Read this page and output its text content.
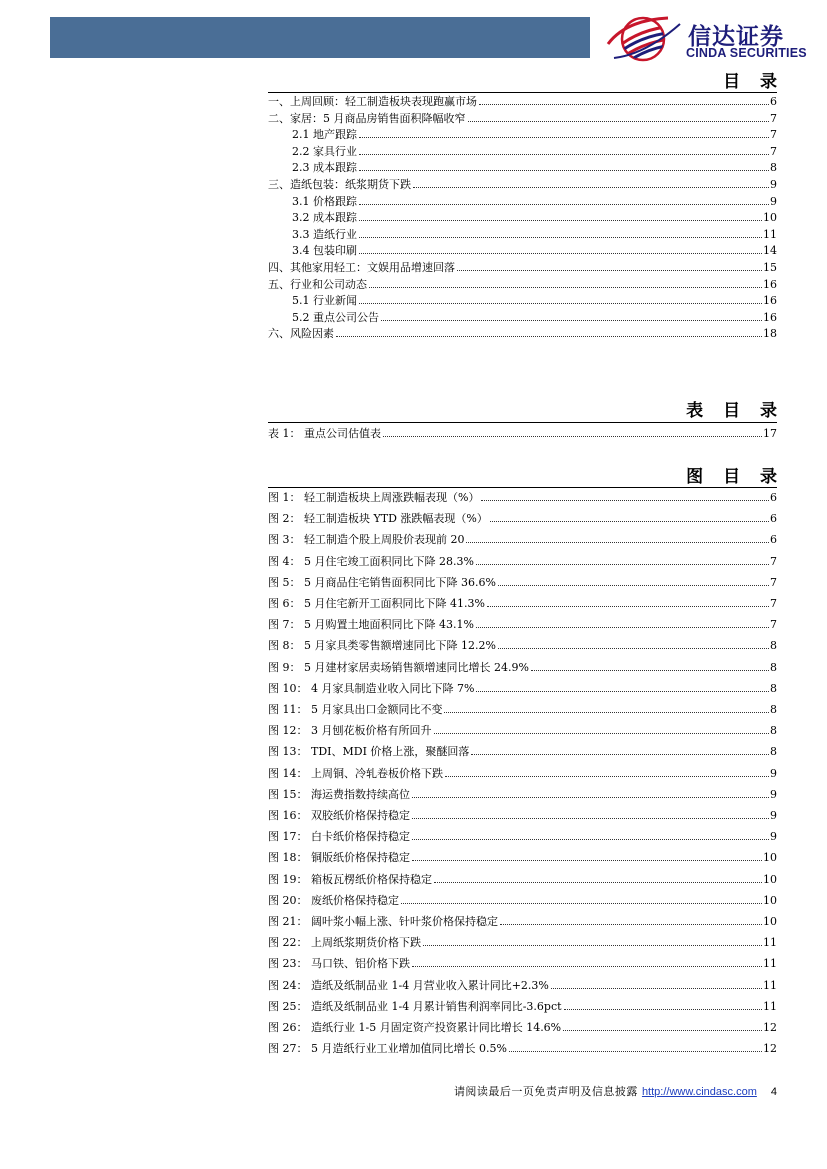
信达证券
CINDA SECURITIES
目 录
一、上周回顾：轻工制造板块表现跑赢市场	6
二、家居：5 月商品房销售面积降幅收窄	7
2.1 地产跟踪	7
2.2 家具行业	7
2.3 成本跟踪	8
三、造纸包装：纸浆期货下跌	9
3.1 价格跟踪	9
3.2 成本跟踪	10
3.3 造纸行业	11
3.4 包装印刷	14
四、其他家用轻工：文娱用品增速回落	15
五、行业和公司动态	16
5.1 行业新闻	16
5.2 重点公司公告	16
六、风险因素	18
表 目 录
表 1： 重点公司估值表	17
图 目 录
图 1： 轻工制造板块上周涨跌幅表现（%）	6
图 2： 轻工制造板块 YTD 涨跌幅表现（%）	6
图 3： 轻工制造个股上周股价表现前 20	6
图 4： 5 月住宅竣工面积同比下降 28.3%	7
图 5： 5 月商品住宅销售面积同比下降 36.6%	7
图 6： 5 月住宅新开工面积同比下降 41.3%	7
图 7： 5 月购置土地面积同比下降 43.1%	7
图 8： 5 月家具类零售额增速同比下降 12.2%	8
图 9： 5 月建材家居卖场销售额增速同比增长 24.9%	8
图 10： 4 月家具制造业收入同比下降 7%	8
图 11： 5 月家具出口金额同比不变	8
图 12： 3 月刨花板价格有所回升	8
图 13： TDI、MDI 价格上涨，聚醚回落	8
图 14： 上周铜、冷轧卷板价格下跌	9
图 15： 海运费指数持续高位	9
图 16： 双胶纸价格保持稳定	9
图 17： 白卡纸价格保持稳定	9
图 18： 铜版纸价格保持稳定	10
图 19： 箱板瓦楞纸价格保持稳定	10
图 20： 废纸价格保持稳定	10
图 21： 阔叶浆小幅上涨、针叶浆价格保持稳定	10
图 22： 上周纸浆期货价格下跌	11
图 23： 马口铁、铝价格下跌	11
图 24： 造纸及纸制品业 1-4 月营业收入累计同比+2.3%	11
图 25： 造纸及纸制品业 1-4 月累计销售利润率同比-3.6pct	11
图 26： 造纸行业 1-5 月固定资产投资累计同比增长 14.6%	12
图 27： 5 月造纸行业工业增加值同比增长 0.5%	12
请阅读最后一页免责声明及信息披露 http://www.cindasc.com 4
